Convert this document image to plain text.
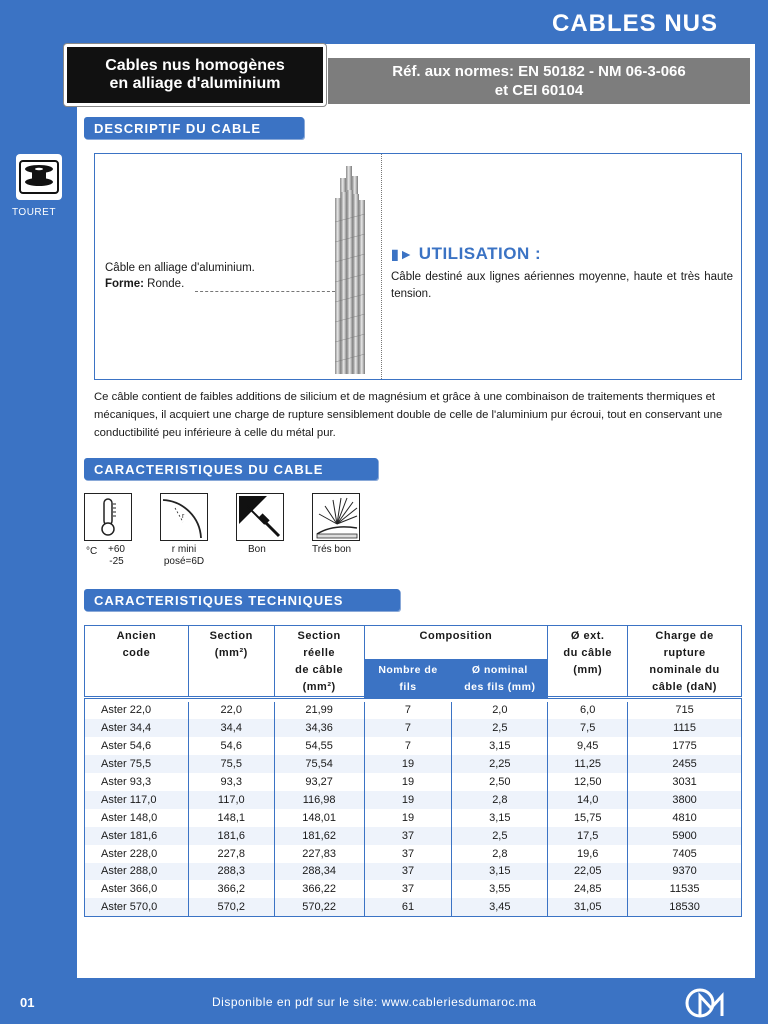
CABLES NUS
Cables nus homogènes
en alliage d'aluminium
Réf. aux normes: EN 50182 - NM 06-3-066
et CEI 60104
TOURET
DESCRIPTIF DU CABLE
Câble en alliage d'aluminium.
Forme: Ronde.
▮► UTILISATION :
Câble destiné aux lignes aériennes moyenne, haute et très haute tension.
Ce câble contient de faibles additions de silicium et de magnésium et grâce à une combinaison de traitements thermiques et mécaniques, il acquiert une charge de rupture sensiblement double de celle de l'aluminium pur écroui, tout en conservant une conductibilité peu inférieure à celle du métal pur.
CARACTERISTIQUES DU CABLE
°C +60
-25
r
r mini
posé=6D
Bon	Trés bon
CARACTERISTIQUES TECHNIQUES
Ancien
code	Section
(mm²)	Section
réelle
de câble
(mm²)	Composition		Ø ext.
du câble
(mm)	Charge de
rupture
nominale du
câble (daN)
			Nombre de
fils	Ø nominal
des fils (mm)		

Aster 22,0	22,0	21,99	7	2,0	6,0	715
Aster 34,4	34,4	34,36	7	2,5	7,5	1115
Aster 54,6	54,6	54,55	7	3,15	9,45	1775
Aster 75,5	75,5	75,54	19	2,25	11,25	2455
Aster 93,3	93,3	93,27	19	2,50	12,50	3031
Aster 117,0	117,0	116,98	19	2,8	14,0	3800
Aster 148,0	148,1	148,01	19	3,15	15,75	4810
Aster 181,6	181,6	181,62	37	2,5	17,5	5900
Aster 228,0	227,8	227,83	37	2,8	19,6	7405
Aster 288,0	288,3	288,34	37	3,15	22,05	9370
Aster 366,0	366,2	366,22	37	3,55	24,85	11535
Aster 570,0	570,2	570,22	61	3,45	31,05	18530
01	Disponible en pdf sur le site: www.cableriesdumaroc.ma
